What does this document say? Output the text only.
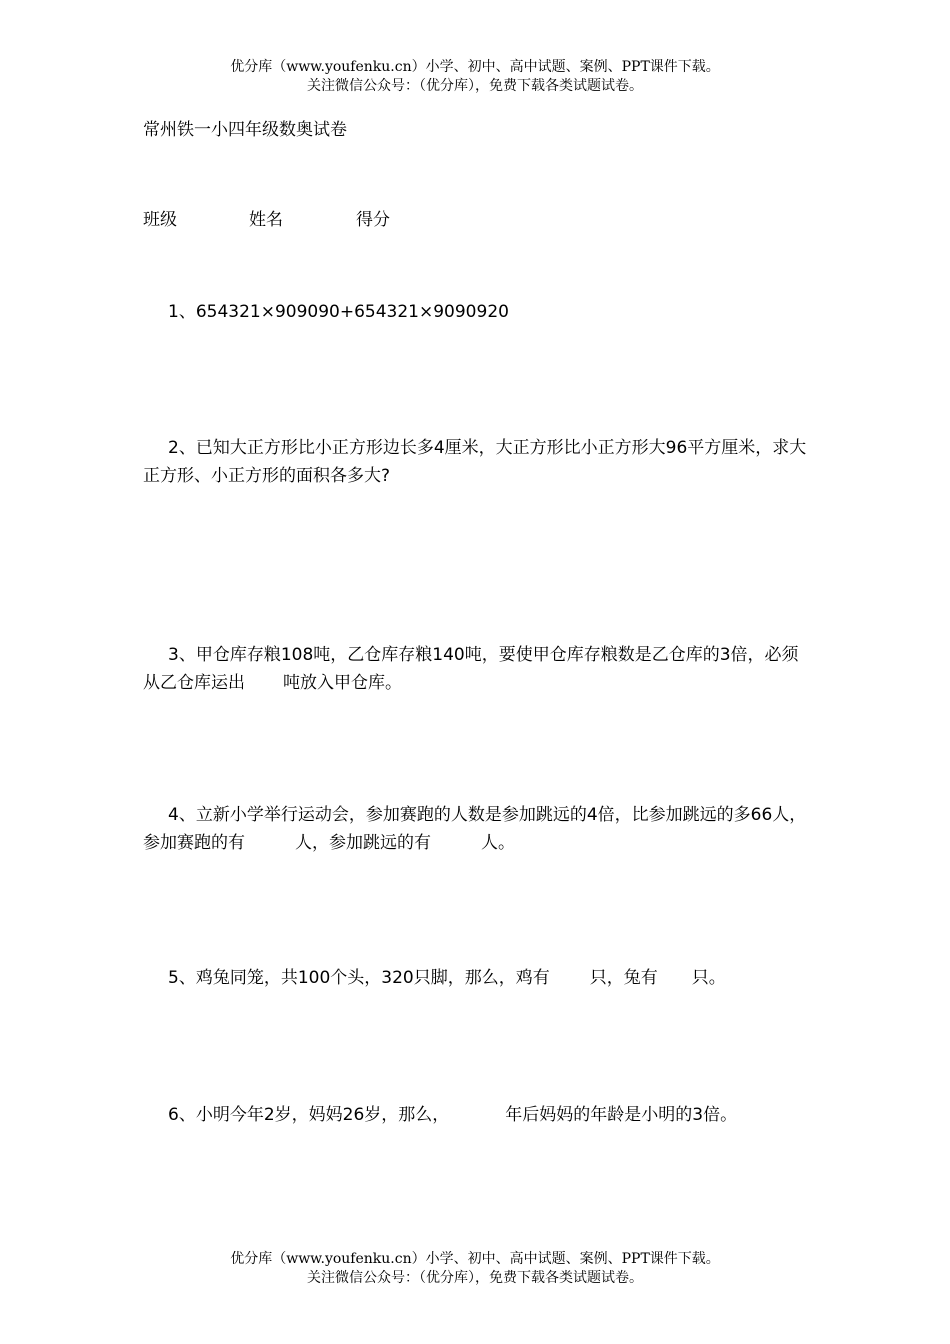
优分库（www.youfenku.cn）小学、初中、高中试题、案例、PPT课件下载。
关注微信公众号：（优分库），免费下载各类试题试卷。
常州铁一小四年级数奥试卷
班级	姓名	得分
1、654321×909090+654321×9090920
2、已知大正方形比小正方形边长多4厘米，大正方形比小正方形大96平方厘米，求大正方形、小正方形的面积各多大?
3、甲仓库存粮108吨，乙仓库存粮140吨，要使甲仓库存粮数是乙仓库的3倍，必须从乙仓库运出 吨放入甲仓库。
4、立新小学举行运动会，参加赛跑的人数是参加跳远的4倍，比参加跳远的多66人，参加赛跑的有	人，参加跳远的有	人。
5、鸡兔同笼，共100个头，320只脚，那么，鸡有 只，兔有 只。
6、小明今年2岁，妈妈26岁，那么，	年后妈妈的年龄是小明的3倍。
优分库（www.youfenku.cn）小学、初中、高中试题、案例、PPT课件下载。
关注微信公众号：（优分库），免费下载各类试题试卷。
